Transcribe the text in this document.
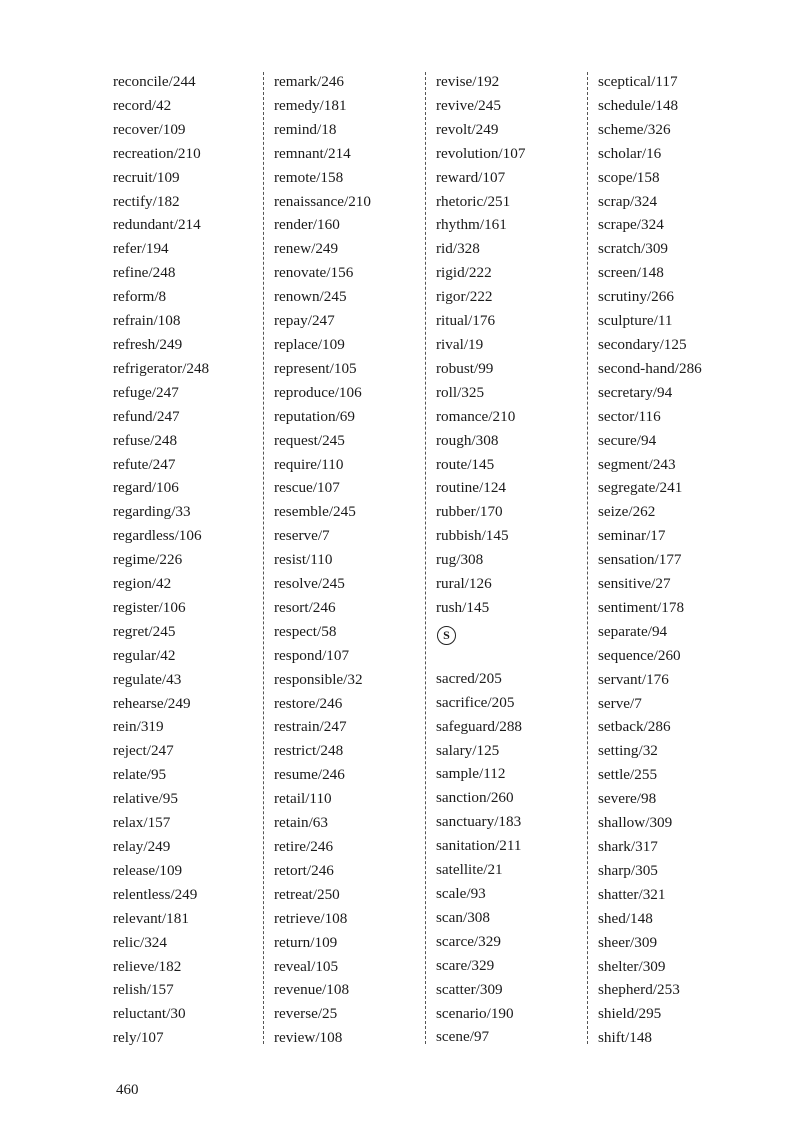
reconcile/244
record/42
recover/109
recreation/210
recruit/109
rectify/182
redundant/214
refer/194
refine/248
reform/8
refrain/108
refresh/249
refrigerator/248
refuge/247
refund/247
refuse/248
refute/247
regard/106
regarding/33
regardless/106
regime/226
region/42
register/106
regret/245
regular/42
regulate/43
rehearse/249
rein/319
reject/247
relate/95
relative/95
relax/157
relay/249
release/109
relentless/249
relevant/181
relic/324
relieve/182
relish/157
reluctant/30
rely/107
remark/246
remedy/181
remind/18
remnant/214
remote/158
renaissance/210
render/160
renew/249
renovate/156
renown/245
repay/247
replace/109
represent/105
reproduce/106
reputation/69
request/245
require/110
rescue/107
resemble/245
reserve/7
resist/110
resolve/245
resort/246
respect/58
respond/107
responsible/32
restore/246
restrain/247
restrict/248
resume/246
retail/110
retain/63
retire/246
retort/246
retreat/250
retrieve/108
return/109
reveal/105
revenue/108
reverse/25
review/108
revise/192
revive/245
revolt/249
revolution/107
reward/107
rhetoric/251
rhythm/161
rid/328
rigid/222
rigor/222
ritual/176
rival/19
robust/99
roll/325
romance/210
rough/308
route/145
routine/124
rubber/170
rubbish/145
rug/308
rural/126
rush/145
S
sacred/205
sacrifice/205
safeguard/288
salary/125
sample/112
sanction/260
sanctuary/183
sanitation/211
satellite/21
scale/93
scan/308
scarce/329
scare/329
scatter/309
scenario/190
scene/97
sceptical/117
schedule/148
scheme/326
scholar/16
scope/158
scrap/324
scrape/324
scratch/309
screen/148
scrutiny/266
sculpture/11
secondary/125
second-hand/286
secretary/94
sector/116
secure/94
segment/243
segregate/241
seize/262
seminar/17
sensation/177
sensitive/27
sentiment/178
separate/94
sequence/260
servant/176
serve/7
setback/286
setting/32
settle/255
severe/98
shallow/309
shark/317
sharp/305
shatter/321
shed/148
sheer/309
shelter/309
shepherd/253
shield/295
shift/148
460
